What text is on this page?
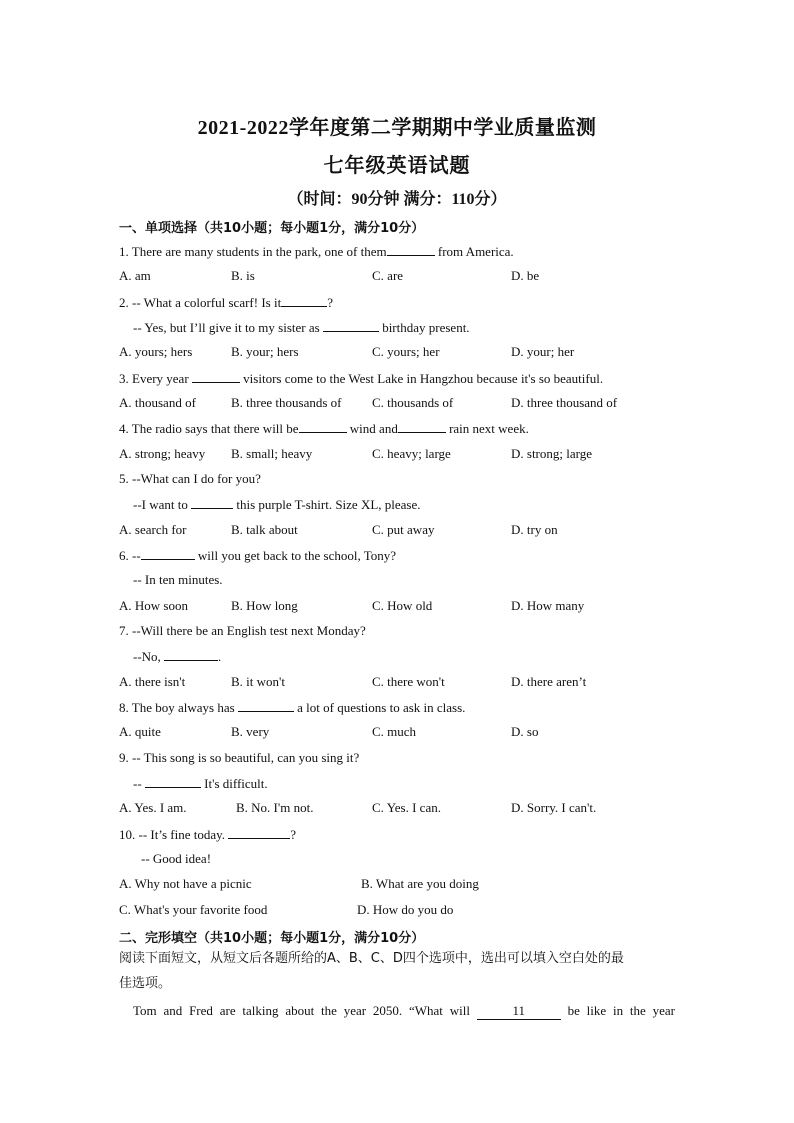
2021-2022学年度第二学期期中学业质量监测
七年级英语试题
（时间：90分钟 满分：110分）
一、单项选择（共10小题；每小题1分，满分10分）
1. There are many students in the park, one of them	from America.
A. am	B. is	C. are	D. be
2. -- What a colorful scarf! Is it	?
-- Yes, but I’ll give it to my sister as	birthday present.
A. yours; hers	B. your; hers	C. yours; her	D. your; her
3. Every year	visitors come to the West Lake in Hangzhou because it's so beautiful.
A. thousand of	B. three thousands of C. thousands of	D. three thousand of
4. The radio says that there will be	wind and	rain next week.
A. strong; heavy B. small; heavy	C. heavy; large	D. strong; large
5. --What can I do for you?
--I want to	this purple T-shirt. Size XL, please.
A. search for	B. talk about	C. put away	D. try on
6. --	will you get back to the school, Tony?
-- In ten minutes.
A. How soon	B. How long	C. How old	D. How many
7. --Will there be an English test next Monday?
--No,	.
A. there isn't	B. it won't	C. there won't	D. there aren’t
8. The boy always has	a lot of questions to ask in class.
A. quite	B. very	C. much	D. so
9. -- This song is so beautiful, can you sing it?
--	It's difficult.
A. Yes. I am.	B. No. I'm not.	C. Yes. I can.	D. Sorry. I can't.
10. -- It’s fine today.	?
-- Good idea!
A. Why not have a picnic	B. What are you doing
C. What's your favorite food	D. How do you do
二、完形填空（共10小题；每小题1分，满分10分）
阅读下面短文，从短文后各题所给的A、B、C、D四个选项中，选出可以填入空白处的最
佳选项。
Tom and Fred are talking about the year 2050. “What will	11	be like in the year
